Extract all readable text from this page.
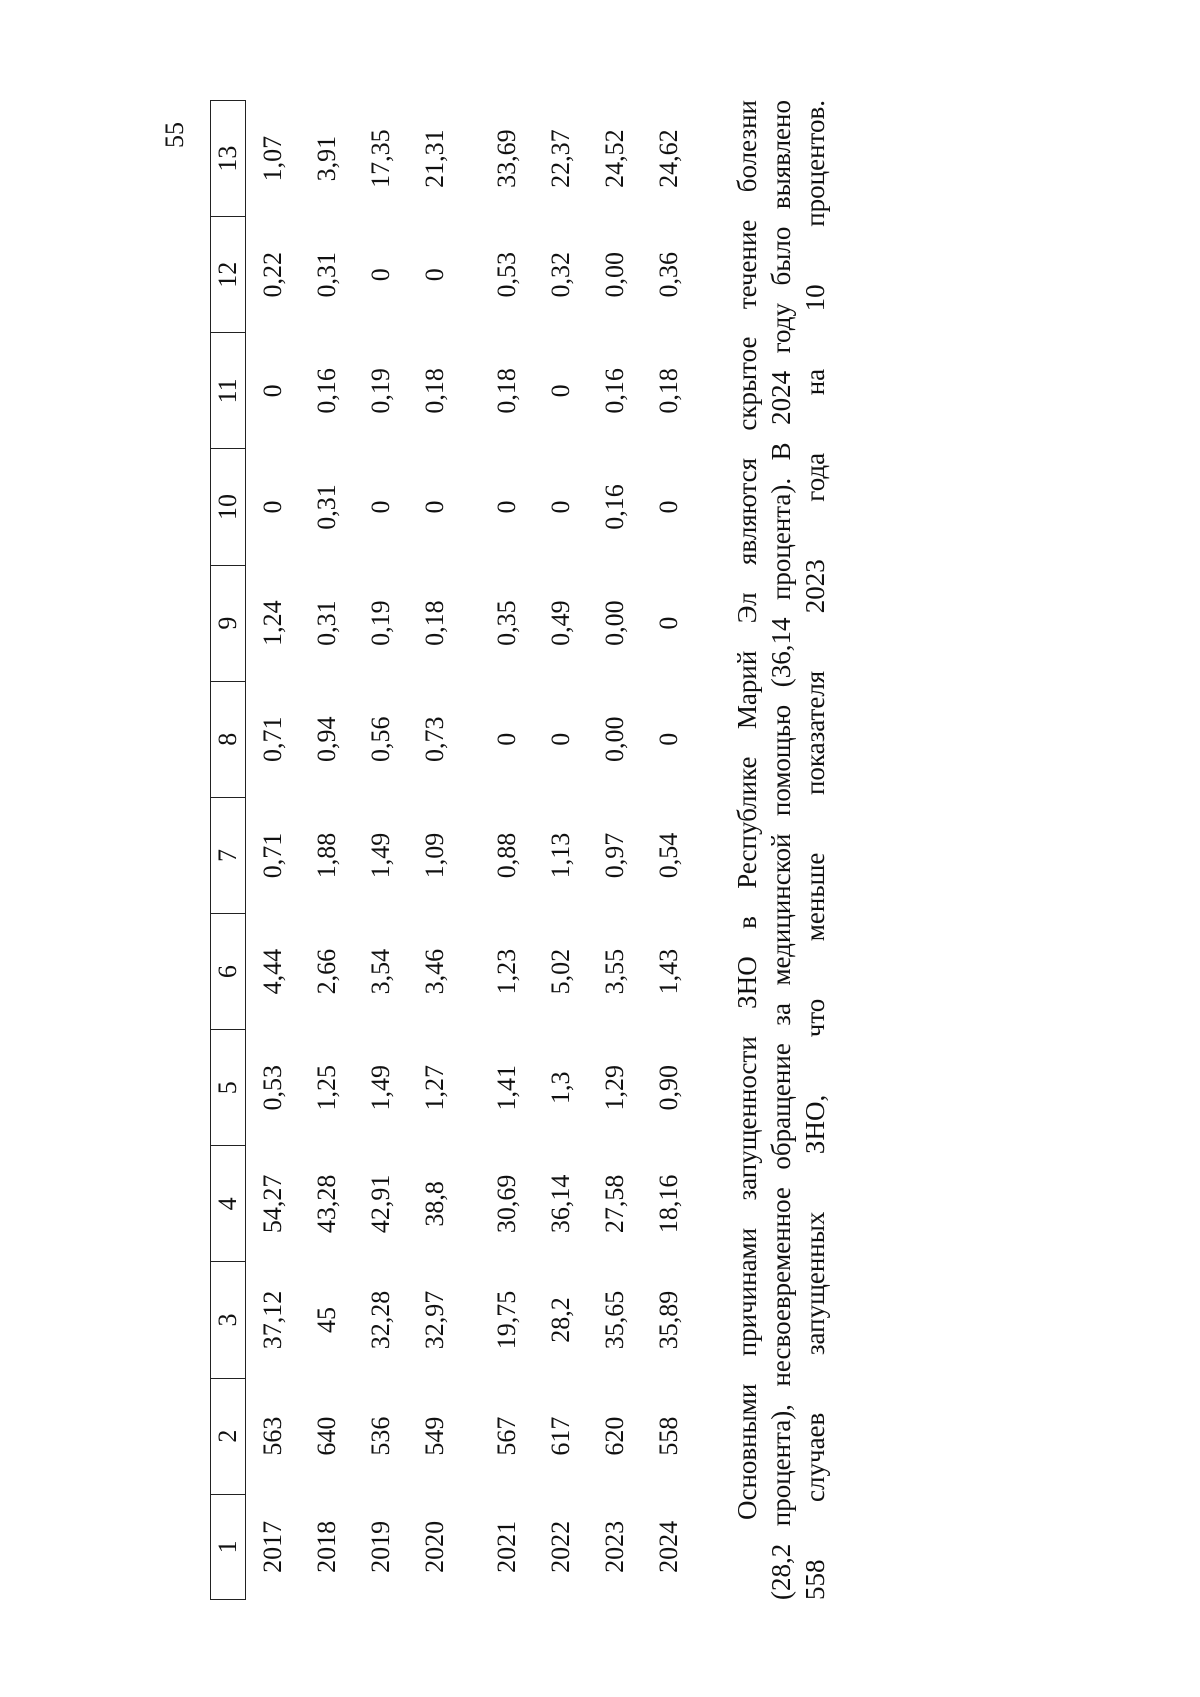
55
1	2	3	4	5	6	7	8	9	10	11	12	13
2017	563	37,12	54,27	0,53	4,44	0,71	0,71	1,24	0	0	0,22	1,07
2018	640	45	43,28	1,25	2,66	1,88	0,94	0,31	0,31	0,16	0,31	3,91
2019	536	32,28	42,91	1,49	3,54	1,49	0,56	0,19	0	0,19	0	17,35
2020	549	32,97	38,8	1,27	3,46	1,09	0,73	0,18	0	0,18	0	21,31

2021	567	19,75	30,69	1,41	1,23	0,88	0	0,35	0	0,18	0,53	33,69
2022	617	28,2	36,14	1,3	5,02	1,13	0	0,49	0	0	0,32	22,37
2023	620	35,65	27,58	1,29	3,55	0,97	0,00	0,00	0,16	0,16	0,00	24,52
2024	558	35,89	18,16	0,90	1,43	0,54	0	0	0	0,18	0,36	24,62 Основными причинами запущенности ЗНО в Республике Марий Эл являются скрытое течение болезни (28,2 процента), несвоевременное обращение за медицинской помощью (36,14 процента). В 2024 году было выявлено 558 случаев запущенных ЗНО, что меньше показателя 2023 года на 10 процентов.
